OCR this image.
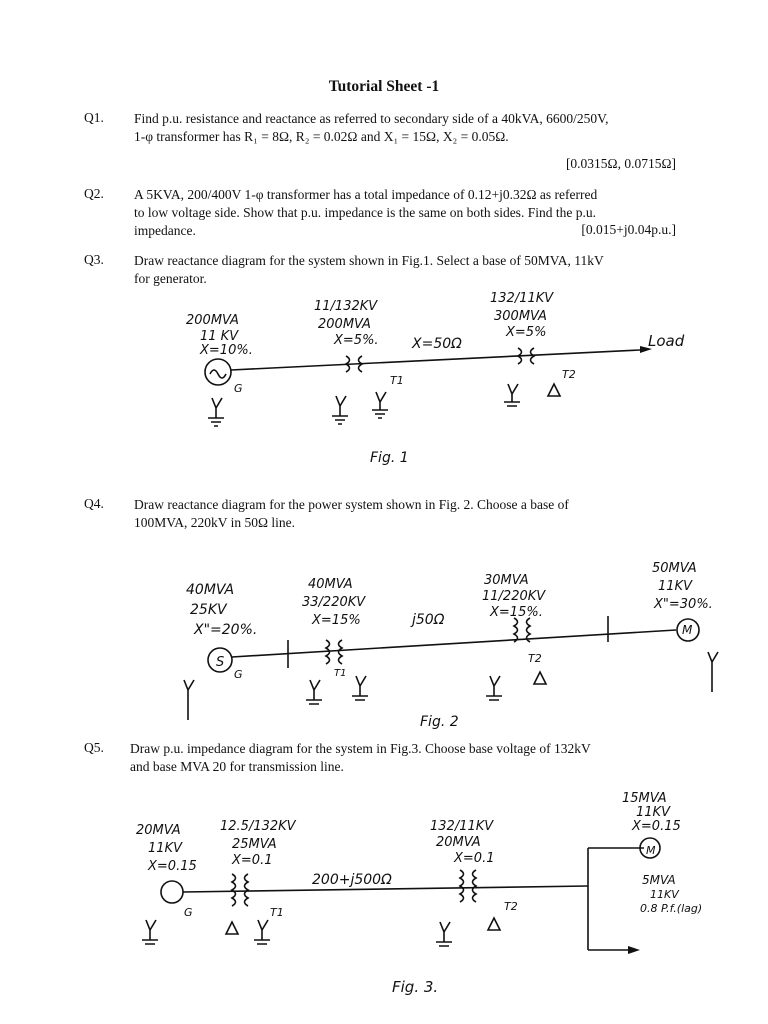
Tutorial Sheet -1
Q1. Find p.u. resistance and reactance as referred to secondary side of a 40kVA, 6600/250V,
1-φ transformer has R₁ = 8Ω, R₂ = 0.02Ω and X₁ = 15Ω, X₂ = 0.05Ω.
[0.0315Ω, 0.0715Ω]
Q2. A 5KVA, 200/400V 1-φ transformer has a total impedance of 0.12+j0.32Ω as referred
to low voltage side. Show that p.u. impedance is the same on both sides. Find the p.u.
impedance.	[0.015+j0.04p.u.]
Q3. Draw reactance diagram for the system shown in Fig.1. Select a base of 50MVA, 11kV
for generator.
200MVA
11 KV
X=10%.
11/132KV
200MVA
X=5%. X=50Ω
132/11KV
300MVA
X=5%	Load
G
T1	T2
Fig. 1
Q4. Draw reactance diagram for the power system shown in Fig. 2. Choose a base of
100MVA, 220kV in 50Ω line.
40MVA
25KV
X"=20%.
40MVA
33/220KV
X=15%	j50Ω
30MVA
11/220KV
X=15%.
50MVA
11KV
X"=30%.
S
M
G	T1
T2
Fig. 2
Q5. Draw p.u. impedance diagram for the system in Fig.3. Choose base voltage of 132kV
and base MVA 20 for transmission line.
20MVA
11KV
X=0.15
12.5/132KV
25MVA
X=0.1
200+j500Ω
132/11KV
20MVA
X=0.1
15MVA
11KV
X=0.15
5MVA
11KV
0.8 P.f.(lag)
M
G	T1	T2
Fig. 3.
